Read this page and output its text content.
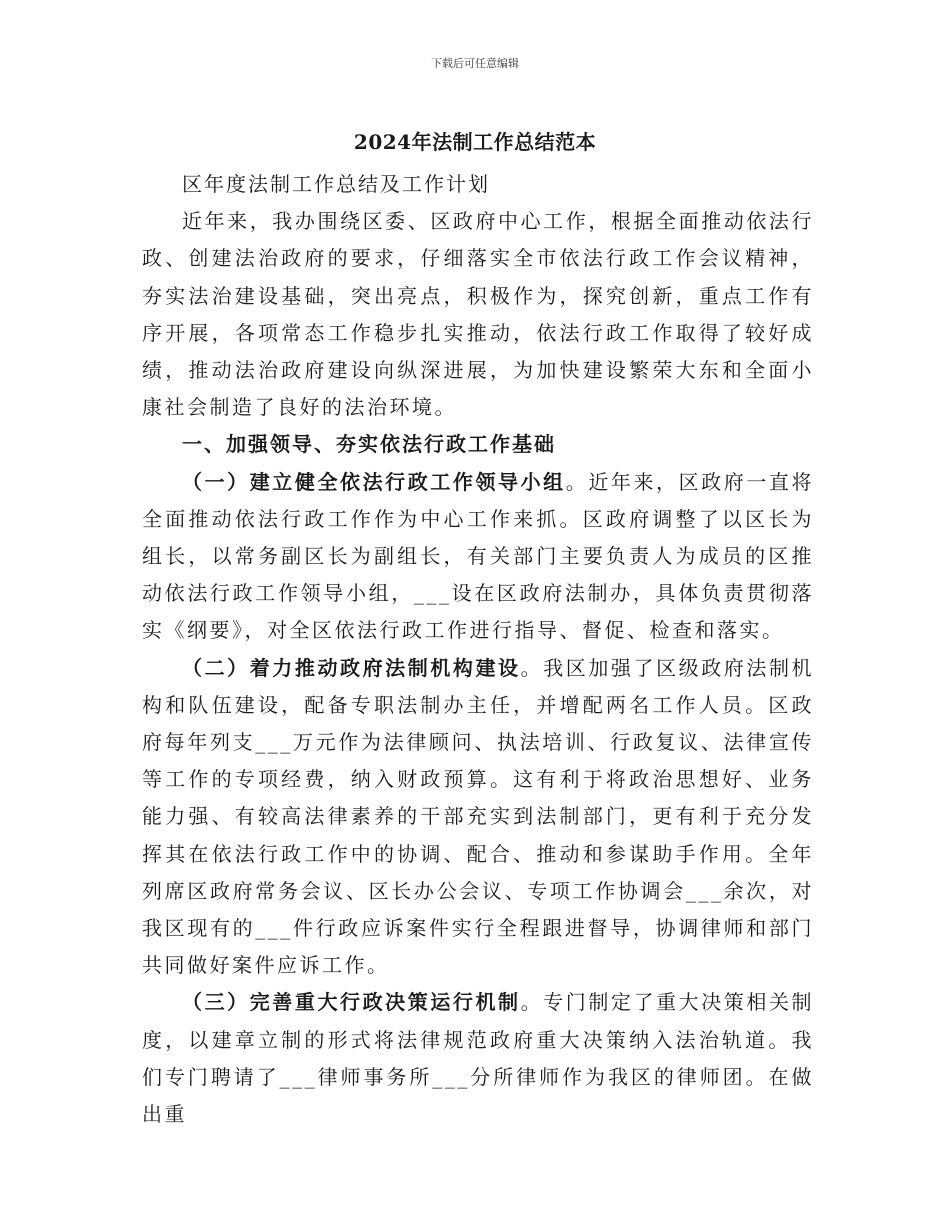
下载后可任意编辑
2024年法制工作总结范本

区年度法制工作总结及工作计划

近年来，我办围绕区委、区政府中心工作，根据全面推动依法行政、创建法治政府的要求，仔细落实全市依法行政工作会议精神，夯实法治建设基础，突出亮点，积极作为，探究创新，重点工作有序开展，各项常态工作稳步扎实推动，依法行政工作取得了较好成绩，推动法治政府建设向纵深进展，为加快建设繁荣大东和全面小康社会制造了良好的法治环境。

一、加强领导、夯实依法行政工作基础

（一）建立健全依法行政工作领导小组。近年来，区政府一直将全面推动依法行政工作作为中心工作来抓。区政府调整了以区长为组长，以常务副区长为副组长，有关部门主要负责人为成员的区推动依法行政工作领导小组，___设在区政府法制办，具体负责贯彻落实《纲要》，对全区依法行政工作进行指导、督促、检查和落实。

（二）着力推动政府法制机构建设。我区加强了区级政府法制机构和队伍建设，配备专职法制办主任，并增配两名工作人员。区政府每年列支___万元作为法律顾问、执法培训、行政复议、法律宣传等工作的专项经费，纳入财政预算。这有利于将政治思想好、业务能力强、有较高法律素养的干部充实到法制部门，更有利于充分发挥其在依法行政工作中的协调、配合、推动和参谋助手作用。全年列席区政府常务会议、区长办公会议、专项工作协调会___余次，对我区现有的___件行政应诉案件实行全程跟进督导，协调律师和部门共同做好案件应诉工作。

（三）完善重大行政决策运行机制。专门制定了重大决策相关制度，以建章立制的形式将法律规范政府重大决策纳入法治轨道。我们专门聘请了___律师事务所___分所律师作为我区的律师团。在做出重
